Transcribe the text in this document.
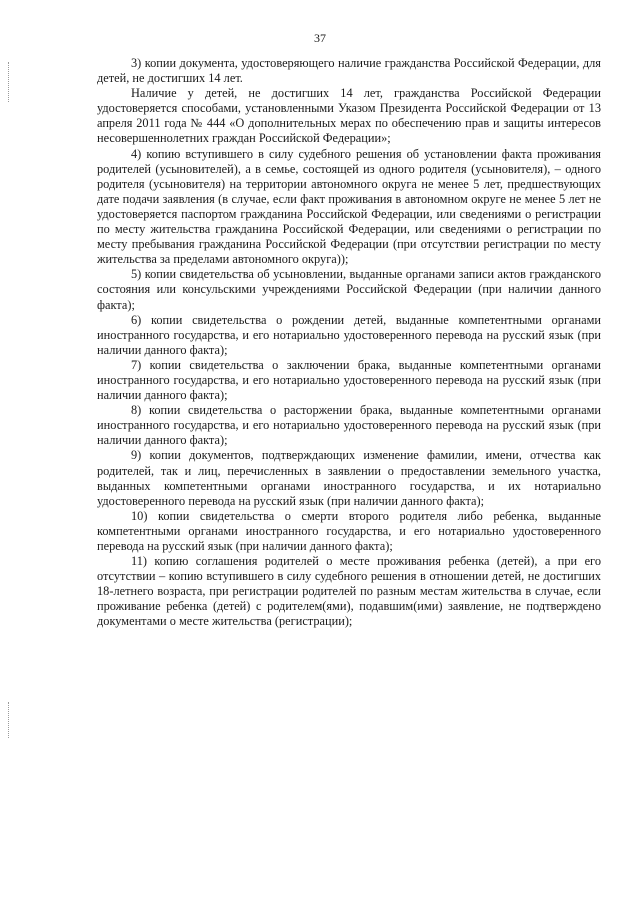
37

3) копии документа, удостоверяющего наличие гражданства Российской Федерации, для детей, не достигших 14 лет.

Наличие у детей, не достигших 14 лет, гражданства Российской Федерации удостоверяется способами, установленными Указом Президента Российской Федерации от 13 апреля 2011 года № 444 «О дополнительных мерах по обеспечению прав и защиты интересов несовершеннолетних граждан Российской Федерации»;

4) копию вступившего в силу судебного решения об установлении факта проживания родителей (усыновителей), а в семье, состоящей из одного родителя (усыновителя), – одного родителя (усыновителя) на территории автономного округа не менее 5 лет, предшествующих дате подачи заявления (в случае, если факт проживания в автономном округе не менее 5 лет не удостоверяется паспортом гражданина Российской Федерации, или сведениями о регистрации по месту жительства гражданина Российской Федерации, или сведениями о регистрации по месту пребывания гражданина Российской Федерации (при отсутствии регистрации по месту жительства за пределами автономного округа));

5) копии свидетельства об усыновлении, выданные органами записи актов гражданского состояния или консульскими учреждениями Российской Федерации (при наличии данного факта);

6) копии свидетельства о рождении детей, выданные компетентными органами иностранного государства, и его нотариально удостоверенного перевода на русский язык (при наличии данного факта);

7) копии свидетельства о заключении брака, выданные компетентными органами иностранного государства, и его нотариально удостоверенного перевода на русский язык (при наличии данного факта);

8) копии свидетельства о расторжении брака, выданные компетентными органами иностранного государства, и его нотариально удостоверенного перевода на русский язык (при наличии данного факта);

9) копии документов, подтверждающих изменение фамилии, имени, отчества как родителей, так и лиц, перечисленных в заявлении о предоставлении земельного участка, выданных компетентными органами иностранного государства, и их нотариально удостоверенного перевода на русский язык (при наличии данного факта);

10) копии свидетельства о смерти второго родителя либо ребенка, выданные компетентными органами иностранного государства, и его нотариально удостоверенного перевода на русский язык (при наличии данного факта);

11) копию соглашения родителей о месте проживания ребенка (детей), а при его отсутствии – копию вступившего в силу судебного решения в отношении детей, не достигших 18-летнего возраста, при регистрации родителей по разным местам жительства в случае, если проживание ребенка (детей) с родителем(ями), подавшим(ими) заявление, не подтверждено документами о месте жительства (регистрации);
